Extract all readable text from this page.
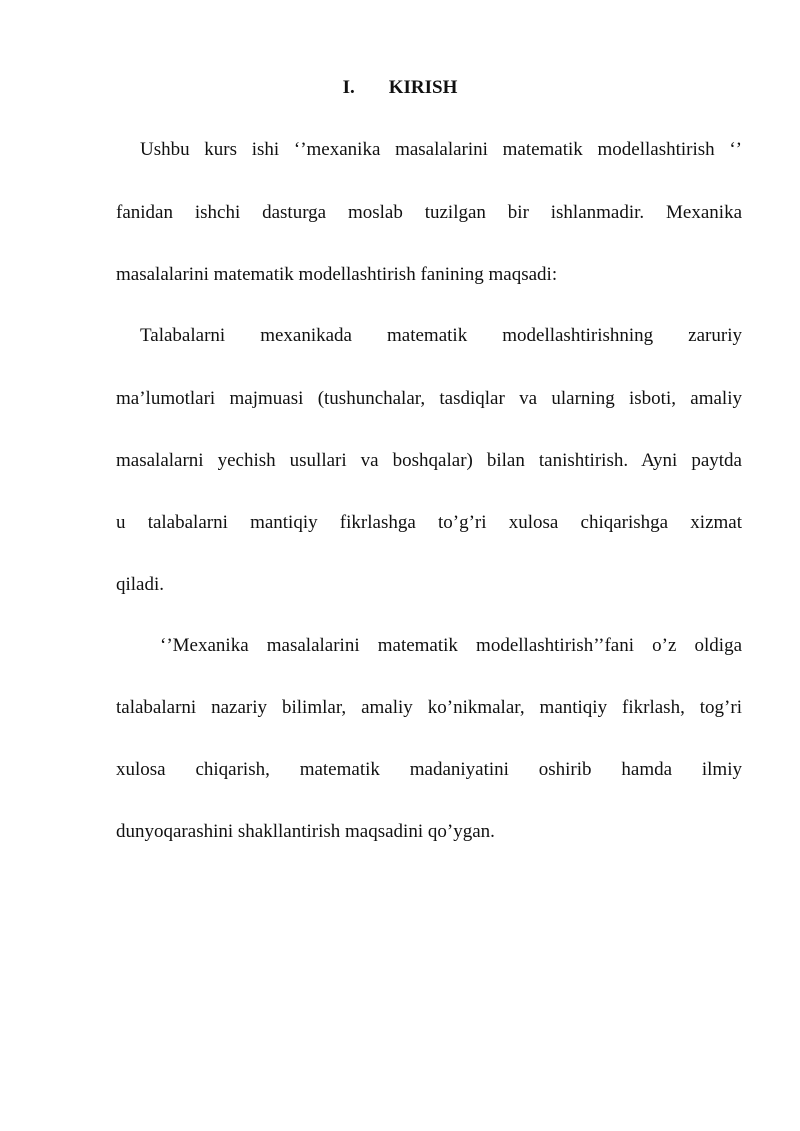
I. KIRISH
Ushbu kurs ishi ‘’mexanika masalalarini matematik modellashtirish ‘’
fanidan ishchi dasturga moslab tuzilgan bir ishlanmadir. Mexanika
masalalarini matematik modellashtirish fanining maqsadi:
Talabalarni mexanikada matematik modellashtirishning zaruriy
ma’lumotlari majmuasi (tushunchalar, tasdiqlar va ularning isboti, amaliy
masalalarni yechish usullari va boshqalar) bilan tanishtirish. Ayni paytda
u talabalarni mantiqiy fikrlashga to’g’ri xulosa chiqarishga xizmat
qiladi.
‘’Mexanika masalalarini matematik modellashtirish’’fani o’z oldiga
talabalarni nazariy bilimlar, amaliy ko’nikmalar, mantiqiy fikrlash, tog’ri
xulosa chiqarish, matematik madaniyatini oshirib hamda ilmiy
dunyoqarashini shakllantirish maqsadini qo’ygan.
